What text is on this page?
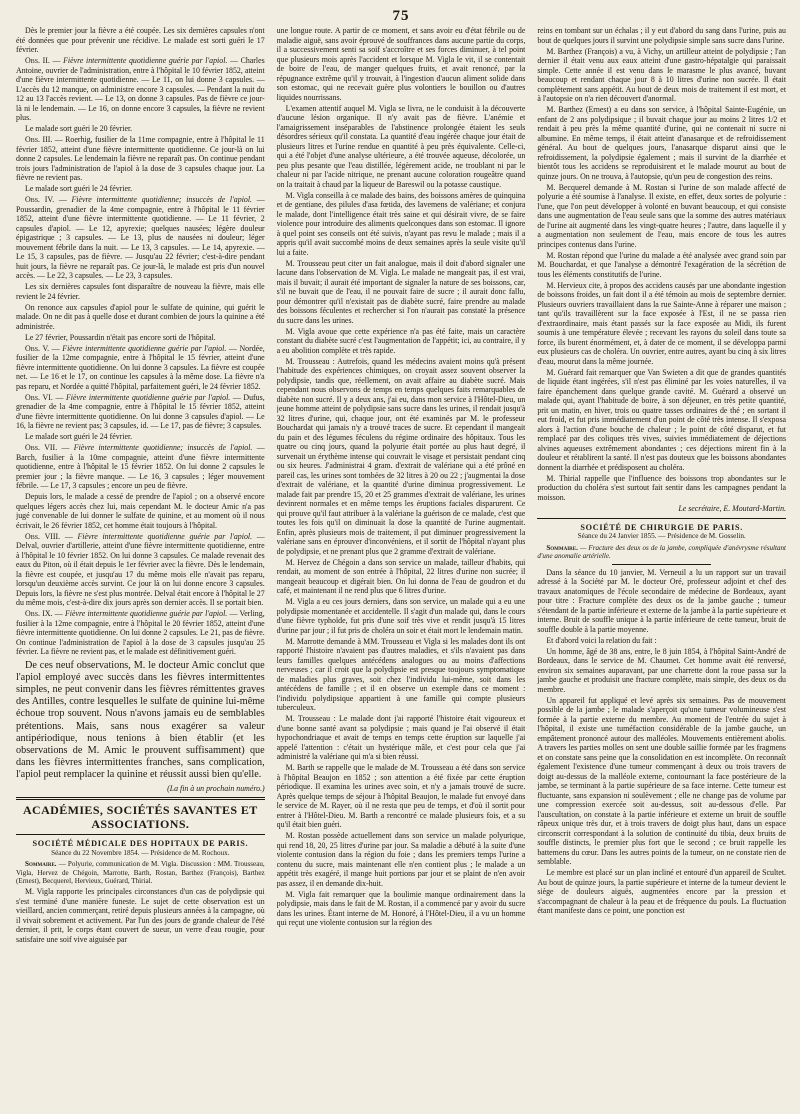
75

Dès le premier jour la fièvre a été coupée. Les six dernières capsules n'ont été données que pour prévenir une récidive. Le malade est sorti guéri le 17 février.

Obs. II. — Fièvre intermittente quotidienne guérie par l'apiol. — Charles Antoine, ouvrier de l'administration, entre à l'hôpital le 10 février 1852, atteint d'une fièvre intermittente quotidienne. — Le 11, on lui donne 3 capsules. — L'accès du 12 manque, on administre encore 3 capsules. — Pendant la nuit du 12 au 13 l'accès revient. — Le 13, on donne 3 capsules. Pas de fièvre ce jour-là ni le lendemain. — Le 16, on donne encore 3 capsules, la fièvre ne revient plus.

Le malade sort guéri le 20 février.

Obs. III. — Roerhig, fusilier de la 11me compagnie, entre à l'hôpital le 11 février 1852, atteint d'une fièvre intermittente quotidienne. Ce jour-là on lui donne 2 capsules. Le lendemain la fièvre ne reparaît pas. On continue pendant trois jours l'administration de l'apiol à la dose de 3 capsules chaque jour. La fièvre ne revient pas.

Le malade sort guéri le 24 février.

Obs. IV. — Fièvre intermittente quotidienne; insuccès de l'apiol. — Poussardin, grenadier de la 4me compagnie, entre à l'hôpital le 11 février 1852, atteint d'une fièvre intermittente quotidienne. — Le 11 février, 2 capsules d'apiol. — Le 12, apyrexie; quelques nausées; légère douleur épigastrique ; 3 capsules. — Le 13, plus de nausées ni douleur; léger mouvement fébrile dans la nuit. — Le 13, 3 capsules. — Le 14, apyrexie. — Le 15, 3 capsules, pas de fièvre. — Jusqu'au 22 février; c'est-à-dire pendant huit jours, la fièvre ne reparaît pas. Ce jour-là, le malade est pris d'un nouvel accès. — Le 22, 3 capsules. — Le 23, 3 capsules.

Les six dernières capsules font disparaître de nouveau la fièvre, mais elle revient le 24 février.

On renonce aux capsules d'apiol pour le sulfate de quinine, qui guérit le malade. On ne dit pas à quelle dose et durant combien de jours la quinine a été administrée.

Le 27 février, Poussardin n'était pas encore sorti de l'hôpital.

Obs. V. — Fièvre intermittente quotidienne guérie par l'apiol. — Nordée, fusilier de la 12me compagnie, entre à l'hôpital le 15 février, atteint d'une fièvre intermittente quotidienne. On lui donne 3 capsules. La fièvre est coupée net. — Le 16 et le 17, on continue les capsules à la même dose. La fièvre n'a pas reparu, et Nordée a quitté l'hôpital, parfaitement guéri, le 24 février 1852.

Obs. VI. — Fièvre intermittente quotidienne guérie par l'apiol. — Dufus, grenadier de la 4me compagnie, entre à l'hôpital le 15 février 1852, atteint d'une fièvre intermittente quotidienne. On lui donne 3 capsules d'apiol. — Le 16, la fièvre ne revient pas; 3 capsules, id. — Le 17, pas de fièvre; 3 capsules.

Le malade sort guéri le 24 février.

Obs. VII. — Fièvre intermittente quotidienne; insuccès de l'apiol. — Barch, fusilier à la 10me compagnie, atteint d'une fièvre intermittente quotidienne, entre à l'hôpital le 15 février 1852. On lui donne 2 capsules le premier jour ; la fièvre manque. — Le 16, 3 capsules ; léger mouvement fébrile. — Le 17, 3 capsules ; encore un peu de fièvre.

Depuis lors, le malade a cessé de prendre de l'apiol ; on a observé encore quelques légers accès chez lui, mais cependant M. le docteur Amic n'a pas jugé convenable de lui donner le sulfate de quinine, et au moment où il nous écrivait, le 26 février 1852, cet homme était toujours à l'hôpital.

Obs. VIII. — Fièvre intermittente quotidienne guérie par l'apiol. — Delval, ouvrier d'artillerie, atteint d'une fièvre intermittente quotidienne, entre à l'hôpital le 10 février 1852. On lui donne 3 capsules. Ce malade revenait des eaux du Piton, où il était depuis le 1er février avec la fièvre. Dès le lendemain, la fièvre est coupée, et jusqu'au 17 du même mois elle n'avait pas reparu, lorsqu'un deuxième accès survint. Ce jour là on lui donne encore 3 capsules. Depuis lors, la fièvre ne s'est plus montrée. Delval était encore à l'hôpital le 27 du même mois, c'est-à-dire dix jours après son dernier accès. Il se portait bien.

Obs. IX. — Fièvre intermittente quotidienne guérie par l'apiol. — Verling, fusilier à la 12me compagnie, entre à l'hôpital le 20 février 1852, atteint d'une fièvre intermittente quotidienne. On lui donne 2 capsules. Le 21, pas de fièvre. On continue l'administration de l'apiol à la dose de 3 capsules jusqu'au 25 février. La fièvre ne revient pas, et le malade est définitivement guéri.

De ces neuf observations, M. le docteur Amic conclut que l'apiol employé avec succès dans les fièvres intermittentes simples, ne peut convenir dans les fièvres rémittentes graves des Antilles, contre lesquelles le sulfate de quinine lui-même échoue trop souvent. Nous n'avons jamais eu de semblables prétentions. Mais, sans nous exagérer sa valeur antipériodique, nous tenions à bien établir (et les observations de M. Amic le prouvent suffisamment) que dans les fièvres intermittentes franches, sans complication, l'apiol peut remplacer la quinine et réussit aussi bien qu'elle.

(La fin à un prochain numéro.)

ACADÉMIES, SOCIÉTÉS SAVANTES ET ASSOCIATIONS.
SOCIÉTÉ MÉDICALE DES HOPITAUX DE PARIS.
Séance du 22 Novembre 1854. — Présidence de M. Rochoux.

Sommaire. — Polyurie, communication de M. Vigla. Discussion : MM. Trousseau, Vigla, Hervez de Chégoin, Marrotte, Barth, Rostan, Barthez (François), Barthez (Ernest), Becquerel, Hervieux, Guérard, Thirial.

M. Vigla rapporte les principales circonstances d'un cas de polydipsie qui s'est terminé d'une manière funeste. Le sujet de cette observation est un vieillard, ancien commerçant, retiré depuis plusieurs années à la campagne, où il vivait sobrement et activement. Par l'un des jours de grande chaleur de l'été dernier, il prit, le corps étant couvert de sueur, un verre d'eau rougie, pour satisfaire une soif vive aiguisée par

une longue route. A partir de ce moment, et sans avoir eu d'état fébrile ou de maladie aiguë, sans avoir éprouvé de souffrances dans aucune partie du corps, il a successivement senti sa soif s'accroître et ses forces diminuer, à tel point que plusieurs mois après l'accident et lorsque M. Vigla le vit, il se contentait de boire de l'eau, de manger quelques fruits, et avait renoncé, par la répugnance extrême qu'il y trouvait, à l'ingestion d'aucun aliment solide dans son estomac, qui ne recevait guère plus volontiers le bouillon ou d'autres liquides nourrissans.

L'examen attentif auquel M. Vigla se livra, ne le conduisit à la découverte d'aucune lésion organique. Il n'y avait pas de fièvre. L'anémie et l'amaigrissement inséparables de l'abstinence prolongée étaient les seuls désordres sérieux qu'il constata. La quantité d'eau ingérée chaque jour était de plusieurs litres et l'urine rendue en quantité à peu près équivalente. Celle-ci, qui a été l'objet d'une analyse ultérieure, a été trouvée aqueuse, décolorée, un peu plus pesante que l'eau distillée, légèrement acide, ne troublant ni par le chaleur ni par l'acide nitrique, ne prenant aucune coloration rougeâtre quand on la traitait à chaud par la liqueur de Bareswil ou la potasse caustique.

M. Vigla conseilla à ce malade des bains, des boissons amères de quinquina et de gentiane, des pilules d'asa fœtida, des lavemens de valériane; et conjura le malade, dont l'intelligence était très saine et qui désirait vivre, de se faire violence pour introduire des aliments quelconques dans son estomac. Il ignore à quel point ses conseils ont été suivis, n'ayant pas revu le malade ; mais il a appris qu'il avait succombé moins de deux semaines après la seule visite qu'il lui a faite.

M. Trousseau peut citer un fait analogue, mais il doit d'abord signaler une lacune dans l'observation de M. Vigla. Le malade ne mangeait pas, il est vrai, mais il buvait; il aurait été important de signaler la nature de ses boissons, car, s'il ne buvait que de l'eau, il ne pouvait faire de sucre ; il aurait donc fallu, pour démontrer qu'il n'existait pas de diabète sucré, faire prendre au malade des boissons féculentes et rechercher si l'on n'aurait pas constaté la présence du sucre dans les urines.

M. Vigla avoue que cette expérience n'a pas été faite, mais un caractère constant du diabète sucré c'est l'augmentation de l'appétit; ici, au contraire, il y a eu abolition complète et très rapide.

M. Trousseau : Autrefois, quand les médecins avaient moins qu'à présent l'habitude des expériences chimiques, on croyait assez souvent observer la polydipsie, tandis que, réellement, on avait affaire au diabète sucré. Mais cependant nous observons de temps en temps quelques faits remarquables de diabète non sucré. Il y a deux ans, j'ai eu, dans mon service à l'Hôtel-Dieu, un jeune homme atteint de polydipsie sans sucre dans les urines, il rendait jusqu'à 32 litres d'urine, qui, chaque jour, ont été examinés par M. le professeur Bouchardat qui jamais n'y a trouvé traces de sucre. Et cependant il mangeait du pain et des légumes féculens du régime ordinaire des hôpitaux. Tous les quatre ou cinq jours, quand la polyurie était portée au plus haut degré, il survenait un érythème intense qui couvrait le visage et persistait pendant cinq ou six heures. J'administrai 4 gram. d'extrait de valériane qui a été prôné en pareil cas, les urines sont tombées de 32 litres à 20 ou 22 ; j'augmentai la dose d'extrait de valériane, et la quantité d'urine diminua progressivement. Le malade fait par prendre 15, 20 et 25 grammes d'extrait de valériane, les urines devinrent normales et en même temps les éruptions faciales disparurent. Ce qui prouve qu'il faut attribuer à la valériane la guérison de ce malade, c'est que toutes les fois qu'il on diminuait la dose la quantité de l'urine augmentait. Enfin, après plusieurs mois de traitement, il put diminuer progressivement la valériane sans en éprouver d'inconvéniens, et il sortit de l'hôpital n'ayant plus de polydipsie, et ne prenant plus que 2 gramme d'extrait de valériane.

M. Hervez de Chégoin a dans son service un malade, tailleur d'habits, qui rendait, au moment de son entrée à l'hôpital, 22 litres d'urine non sucrée; il mangeait beaucoup et digérait bien. On lui donna de l'eau de goudron et du café, et maintenant il ne rend plus que 6 litres d'urine.

M. Vigla a eu ces jours derniers, dans son service, un malade qui a eu une polydipsie momentanée et accidentelle. Il s'agit d'un malade qui, dans le cours d'une fièvre typhoïde, fut pris d'une soif très vive et rendit jusqu'à 15 litres d'urine par jour ; il fut pris de choléra un soir et était mort le lendemain matin.

M. Marrotte demande à MM. Trousseau et Vigla si les malades dont ils ont rapporté l'histoire n'avaient pas d'autres maladies, et s'ils n'avaient pas dans leurs familles quelques antécédens analogues ou au moins d'affections nerveuses ; car il croit que la polydipsie est presque toujours symptomatique de maladies plus graves, soit chez l'individu lui-même, soit dans les antécédens de famille ; et il en observe un exemple dans ce moment : l'individu polydipsique appartient à une famille qui compte plusieurs tuberculeux.

M. Trousseau : Le malade dont j'ai rapporté l'histoire était vigoureux et d'une bonne santé avant sa polydipsie ; mais quand je l'ai observé il était hypochondriaque et avait de temps en temps cette éruption sur laquelle j'ai appelé l'attention : c'était un hystérique mâle, et c'est pour cela que j'ai administré la valériane qui m'a si bien réussi.

M. Barth se rappelle que le malade de M. Trousseau a été dans son service à l'hôpital Beaujon en 1852 ; son attention a été fixée par cette éruption périodique. Il examina les urines avec soin, et n'y a jamais trouvé de sucre. Après quelque temps de séjour à l'hôpital Beaujon, le malade fut envoyé dans le service de M. Rayer, où il ne resta que peu de temps, et d'où il sortit pour entrer à l'Hôtel-Dieu. M. Barth a rencontré ce malade plusieurs fois, et a su qu'il était bien guéri.

M. Rostan possède actuellement dans son service un malade polyurique, qui rend 18, 20, 25 litres d'urine par jour. Sa maladie a débuté à la suite d'une violente contusion dans la région du foie ; dans les premiers temps l'urine a contenu du sucre, mais maintenant elle n'en contient plus ; le malade a un appétit très exagéré, il mange huit portions par jour et se plaint de n'en avoir pas assez, il en demande dix-huit.

M. Vigla fait remarquer que la boulimie manque ordinairement dans la polydipsie, mais dans le fait de M. Rostan, il a commencé par y avoir du sucre dans les urines. Étant interne de M. Honoré, à l'Hôtel-Dieu, il a vu un homme qui reçut une violente contusion sur la région des

reins en tombant sur un échalas ; il y eut d'abord du sang dans l'urine, puis au bout de quelques jours il survint une polydipsie simple sans sucre dans l'urine.

M. Barthez (François) a vu, à Vichy, un artilleur atteint de polydipsie ; l'an dernier il était venu aux eaux atteint d'une gastro-hépatalgie qui paraissait simple. Cette année il est venu dans le marasme le plus avancé, buvant beaucoup et rendant chaque jour 8 à 10 litres d'urine non sucrée. Il était complètement sans appétit. Au bout de deux mois de traitement il est mort, et à l'autopsie on n'a rien découvert d'anormal.

M. Barthez (Ernest) a eu dans son service, à l'hôpital Sainte-Eugénie, un enfant de 2 ans polydipsique ; il buvait chaque jour au moins 2 litres 1/2 et rendait à peu près la même quantité d'urine, qui ne contenait ni sucre ni albumine. En même temps, il était atteint d'anasarque et de refroidissement général. Au bout de quelques jours, l'anasarque disparut ainsi que le refroidissement, la polydipsie également ; mais il survint de la diarrhée et bientôt tous les accidens se reproduisirent et le malade mourut au bout de quinze jours. On ne trouva, à l'autopsie, qu'un peu de congestion des reins.

M. Becquerel demande à M. Rostan si l'urine de son malade affecté de polyurie a été soumise à l'analyse. Il existe, en effet, deux sortes de polyurie : l'une, que l'on peut développer à volonté en buvant beaucoup, et qui consiste dans une augmentation de l'eau seule sans que la somme des autres matériaux de l'urine ait augmenté dans les vingt-quatre heures ; l'autre, dans laquelle il y a augmentation non seulement de l'eau, mais encore de tous les autres principes contenus dans l'urine.

M. Rostan répond que l'urine du malade a été analysée avec grand soin par M. Bouchardat, et que l'analyse a démontré l'exagération de la sécrétion de tous les éléments constitutifs de l'urine.

M. Hervieux cite, à propos des accidens causés par une abondante ingestion de boissons froides, un fait dont il a été témoin au mois de septembre dernier. Plusieurs ouvriers travaillaient dans la rue Sainte-Anne à réparer une maison ; tant qu'ils travaillèrent sur la face exposée à l'Est, il ne se passa rien d'extraordinaire, mais étant passés sur la face exposée au Midi, ils furent soumis à une température élevée ; recevant les rayons du soleil dans toute sa force, ils burent énormément, et, à dater de ce moment, il se développa parmi eux plusieurs cas de choléra. Un ouvrier, entre autres, ayant bu cinq à six litres d'eau, mourut dans la même journée.

M. Guérard fait remarquer que Van Swieten a dit que de grandes quantités de liquide étant ingérées, s'il n'est pas éliminé par les voies naturelles, il va faire épanchement dans quelque grande cavité. M. Guérard a observé un malade qui, ayant l'habitude de boire, à son déjeuner, en très petite quantité, prit un matin, en hiver, trois ou quatre tasses ordinaires de thé ; en sortant il eut froid, et fut pris immédiatement d'un point de côté très intense. Il s'exposa alors à l'action d'une bouche de chaleur ; le point de côté disparut, et fut remplacé par des coliques très vives, suivies immédiatement de déjections alvines aqueuses extrêmement abondantes ; ces déjections mirent fin à la douleur et rétablirent la santé. Il n'est pas douteux que les boissons abondantes donnent la diarrhée et prédisposent au choléra.

M. Thirial rappelle que l'influence des boissons trop abondantes sur le production du choléra s'est surtout fait sentir dans les campagnes pendant la moisson.

Le secrétaire, E. Moutard-Martin.

SOCIÉTÉ DE CHIRURGIE DE PARIS.
Séance du 24 Janvier 1855. — Présidence de M. Gosselin.

Sommaire. — Fracture des deux os de la jambe, compliquée d'anévrysme résultant d'une anomalie artérielle.

Dans la séance du 10 janvier, M. Verneuil a lu un rapport sur un travail adressé à la Société par M. le docteur Oré, professeur adjoint et chef des travaux anatomiques de l'école secondaire de médecine de Bordeaux, ayant pour titre : Fracture complète des deux os de la jambe gauche ; tumeur s'étendant de la partie inférieure et externe de la jambe à la partie supérieure et interne. Bruit de souffle unique à la partie inférieure de cette tumeur, bruit de souffle double à la partie moyenne.

Et d'abord voici la relation du fait :

Un homme, âgé de 38 ans, entre, le 8 juin 1854, à l'hôpital Saint-André de Bordeaux, dans le service de M. Chaumet. Cet homme avait été renversé, environ six semaines auparavant, par une charrette dont la roue passa sur la jambe gauche et produisit une fracture complète, mais simple, des deux os du membre.

Un appareil fut appliqué et levé après six semaines. Pas de mouvement possible de la jambe ; le malade s'aperçoit qu'une tumeur volumineuse s'est formée à la partie externe du membre. Au moment de l'entrée du sujet à l'hôpital, il existe une tuméfaction considérable de la jambe gauche, un empâtement prononcé autour des malléoles. Mouvements entièrement abolis. A travers les parties molles on sent une double saillie formée par les fragmens et on constate sans peine que la consolidation en est incomplète. On reconnaît également l'existence d'une tumeur commençant à deux ou trois travers de doigt au-dessus de la malléole externe, contournant la face postérieure de la jambe, se terminant à la partie supérieure de sa face interne. Cette tumeur est fluctuante, sans expansion ni soulèvement ; elle ne change pas de volume par une compression exercée soit au-dessus, soit au-dessous d'elle. Par l'auscultation, on constate à la partie inférieure et externe un bruit de souffle râpeux unique très dur, et à trois travers de doigt plus haut, dans un espace circonscrit correspondant à la solution de continuité du tibia, deux bruits de souffle distincts, le premier plus fort que le second ; ce bruit rappelle les battemens du cœur. Dans les autres points de la tumeur, on ne constate rien de semblable.

Le membre est placé sur un plan incliné et entouré d'un appareil de Scultet. Au bout de quinze jours, la partie supérieure et interne de la tumeur devient le siège de douleurs aiguës, augmentées encore par la pression et s'accompagnant de chaleur à la peau et de fréquence du pouls. La fluctuation étant manifeste dans ce point, une ponction est
